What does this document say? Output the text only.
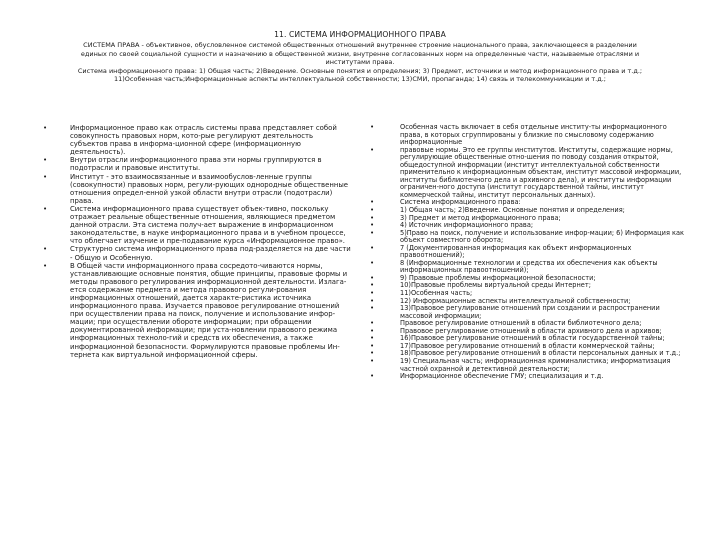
11. СИСТЕМА ИНФОРМАЦИОННОГО ПРАВА

СИСТЕМА ПРАВА - объективное, обусловленное системой общественных отношений внутреннее строение национального права, заключающееся в разделении

единых по своей социальной сущности и назначению в общественной жизни, внутренне согласованных норм на определенные части, называемые отраслями и

институтами права.

Система информационного права: 1) Общая часть; 2)Введение. Основные понятия и определения; 3) Предмет, источники и метод информационного права и т.д.;

11)Особенная часть;Информационные аспекты интеллектуальной собственности; 13)СМИ, пропаганда; 14) связь и телекоммуникации и т.д.;

•	Информационное право как отрасль системы права представляет собой совокупность правовых норм, кото-рые регулируют деятельность субъектов права в информа-ционной сфере (информационную деятельность).
•	Внутри отрасли информационного права эти нормы группируются в подотрасли и правовые институты.
•	Институт - это взаимосвязанные и взаимообуслов-ленные группы (совокупности) правовых норм, регули-рующих однородные общественные отношения определ-енной узкой области внутри отрасли (подотрасли) права.
•	Система информационного права существует объек-тивно, поскольку отражает реальные общественные отношения, являющиеся предметом данной отрасли. Эта система получ-ает выражение в информационном законодательстве, в науке информационного права и в учебном процессе, что облегчает изучение и пре-подавание курса «Информационное право».
•	Структурно система информационного права под-разделяется на две части - Общую и Особенную.
•	В Общей части информационного права сосредото-чиваются нормы, устанавливающие основные понятия, общие принципы, правовые формы и методы правового регулирования информационной деятельности. Излага-ется содержание предмета и метода правового регули-рования информационных отношений, дается характе-ристика источника информационного права. Изучается правовое регулирование отношений при осуществлении права на поиск, получение и использование инфор-мации; при осуществлении обороте информации; при обращении документированной информации; при уста-новлении правового режима информационных техноло-гий и средств их обеспечения, а также информационной безопасности. Формулируются правовые проблемы Ин-тернета как виртуальной информационной сферы.
•	Особенная часть включает в себя отдельные институ-ты информационного права, в которых сгруппированы у близкие по смысловому содержанию информационные
•	правовые нормы. Это ее группы институтов. Институты, содержащие нормы, регулирующие общественные отно-шения по поводу создания открытой, общедоступной информации (институт интеллектуальной собственности применительно к информационным объектам, институт массовой информации, институты библиотечного дела и архивного дела), и институты информации ограничен-ного доступа (институт государственной тайны, институт коммерческой тайны, институт персональных данных).
•	Система информационного права:
•	1) Общая часть; 2)Введение. Основные понятия и определения;
•	3) Предмет и метод информационного права;
•	4) Источник информационного права;
•	5)Право на поиск, получение и использование инфор-мации; 6) Информация как объект совместного оборота;
•	7 (Документированная информация как объект информационных правоотношений);
•	8 (Информационные технологии и средства их обеспечения как объекты информационных правоотношений);
•	9) Правовые проблемы информационной безопасности;
•	10)Правовые проблемы виртуальной среды Интернет;
•	11)Особенная часть;
•	12) Информационные аспекты интеллектуальной собственности;
•	13)Правовое регулирование отношений при создании и распространении массовой информации;
•	Правовое регулирование отношений в области библиотечного дела;
•	Правовое регулирование отношений в области архивного дела и архивов;
•	16)Правовое регулирование отношений в области государственной тайны;
•	17)Правовое регулирование отношений в области коммерческой тайны;
•	18)Правовое регулирование отношений в области персональных данных и т.д.;
•	19) Специальная часть; информационная криминалистика; информатизация частной охранной и детективной деятельности;
•	Информационное обеспечение ГМУ; специализация и т.д.
